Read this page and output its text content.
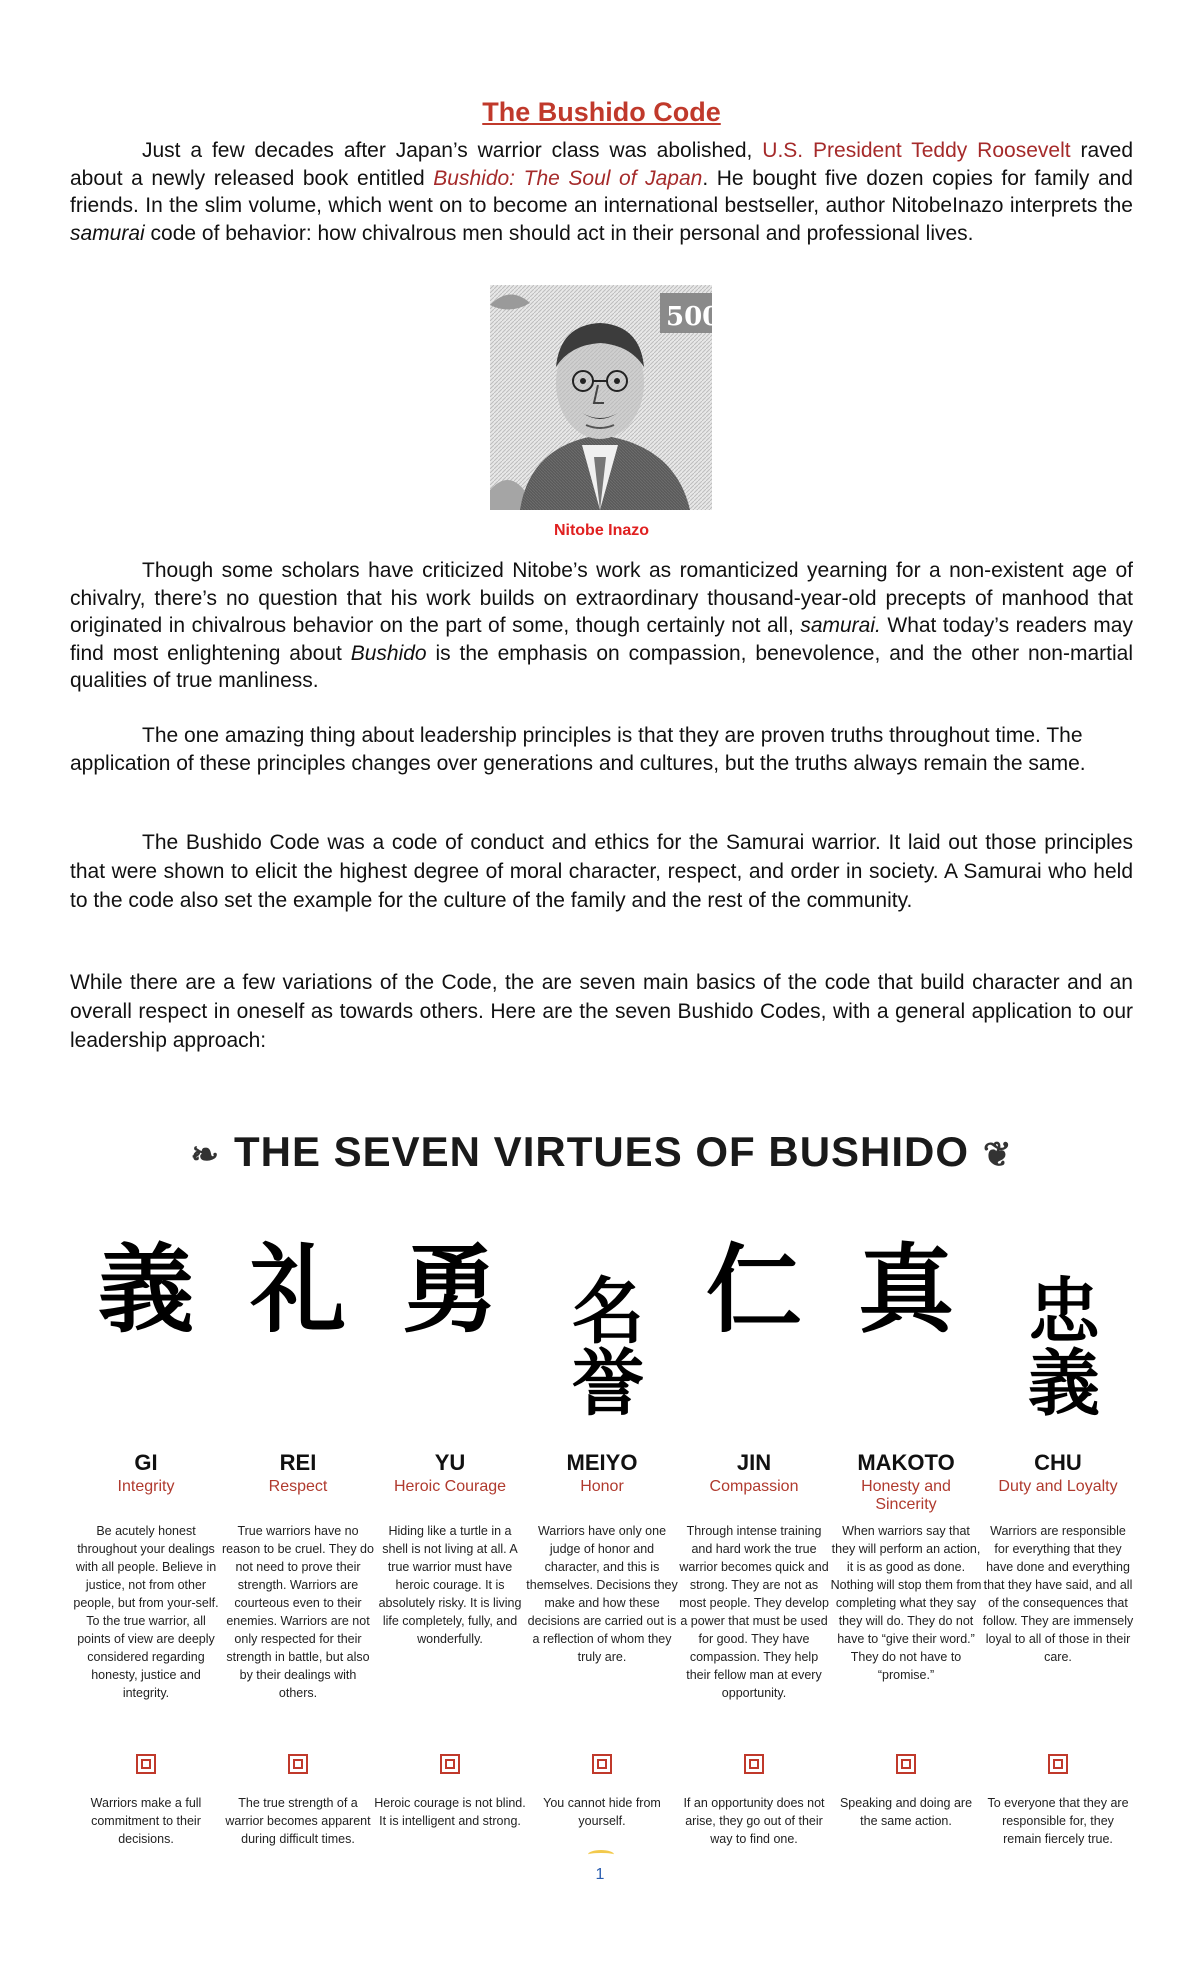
The Bushido Code

Just a few decades after Japan’s warrior class was abolished, U.S. President Teddy Roosevelt raved about a newly released book entitled Bushido: The Soul of Japan. He bought five dozen copies for family and friends. In the slim volume, which went on to become an international bestseller, author NitobeInazo interprets the samurai code of behavior: how chivalrous men should act in their personal and professional lives.

500
Nitobe Inazo

Though some scholars have criticized Nitobe’s work as romanticized yearning for a non-existent age of chivalry, there’s no question that his work builds on extraordinary thousand-year-old precepts of manhood that originated in chivalrous behavior on the part of some, though certainly not all, samurai. What today’s readers may find most enlightening about Bushido is the emphasis on compassion, benevolence, and the other non-martial qualities of true manliness.

The one amazing thing about leadership principles is that they are proven truths throughout time. The application of these principles changes over generations and cultures, but the truths always remain the same.

The Bushido Code was a code of conduct and ethics for the Samurai warrior. It laid out those principles that were shown to elicit the highest degree of moral character, respect, and order in society. A Samurai who held to the code also set the example for the culture of the family and the rest of the community.

While there are a few variations of the Code, the are seven main basics of the code that build character and an overall respect in oneself as towards others. Here are the seven Bushido Codes, with a general application to our leadership approach:

❧ THE SEVEN VIRTUES OF BUSHIDO ❦
義
GI
Integrity
Be acutely honest throughout your dealings with all people. Believe in justice, not from other people, but from your-self. To the true warrior, all points of view are deeply considered regarding honesty, justice and integrity.
Warriors make a full commitment to their decisions.
礼
REI
Respect
True warriors have no reason to be cruel. They do not need to prove their strength. Warriors are courteous even to their enemies. Warriors are not only respected for their strength in battle, but also by their dealings with others.
The true strength of a warrior becomes apparent during difficult times.
勇
YU
Heroic Courage
Hiding like a turtle in a shell is not living at all. A true warrior must have heroic courage. It is absolutely risky. It is living life completely, fully, and wonderfully.
Heroic courage is not blind. It is intelligent and strong.
名誉
MEIYO
Honor
Warriors have only one judge of honor and character, and this is themselves. Decisions they make and how these decisions are carried out is a reflection of whom they truly are.
You cannot hide from yourself.
仁
JIN
Compassion
Through intense training and hard work the true warrior becomes quick and strong. They are not as most people. They develop a power that must be used for good. They have compassion. They help their fellow man at every opportunity.
If an opportunity does not arise, they go out of their way to find one.
真
MAKOTO
Honesty and Sincerity
When warriors say that they will perform an action, it is as good as done. Nothing will stop them from completing what they say they will do. They do not have to “give their word.” They do not have to “promise.”
Speaking and doing are the same action.
忠義
CHU
Duty and Loyalty
Warriors are responsible for everything that they have done and everything that they have said, and all of the consequences that follow. They are immensely loyal to all of those in their care.
To everyone that they are responsible for, they remain fiercely true.
1
